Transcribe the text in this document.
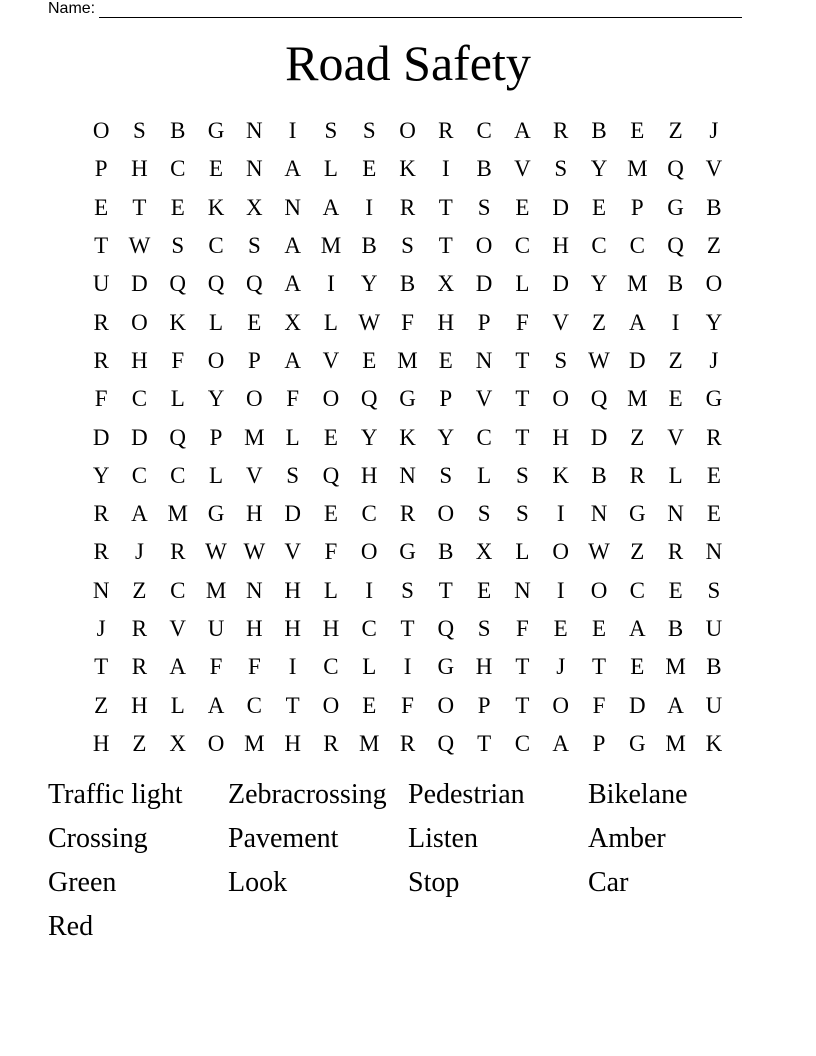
Name:
Road Safety
O	S	B G N	I	S	S	O R C A R B	E	Z	J
P	H C	E N A L	E K	I	B V	S	Y M Q V
E	T	E K X N A	I	R	T	S	E D E	P	G B
T W S	C	S	A M B	S	T O C H C C Q Z
U D Q Q Q A	I	Y B X D L D Y M B O
R O K L	E X L W F	H	P	F	V Z A	I	Y
R H	F	O	P	A V E M E N T	S W D Z	J
F	C	L Y O	F	O Q G	P	V T O Q M E G
D D Q	P M L	E Y K Y C	T H D Z V R
Y C C	L V	S	Q H N	S	L	S	K B R	L	E
R A M G H D E	C R O	S	S	I	N G N E
R	J	R W W V	F	O G B X L O W Z	R N
N Z	C M N H L	I	S	T	E N	I	O C	E	S
J	R V U H H H C	T Q	S	F	E	E A B U
T	R A	F	F	I	C	L	I	G H T	J	T	E M B
Z H L A C	T O E	F	O	P	T O	F	D A U
H Z X O M H R M R Q T	C A	P	G M K
Traffic light	Zebracrossing Pedestrian	Bikelane
Crossing	Pavement	Listen	Amber
Green	Look	Stop	Car
Red
